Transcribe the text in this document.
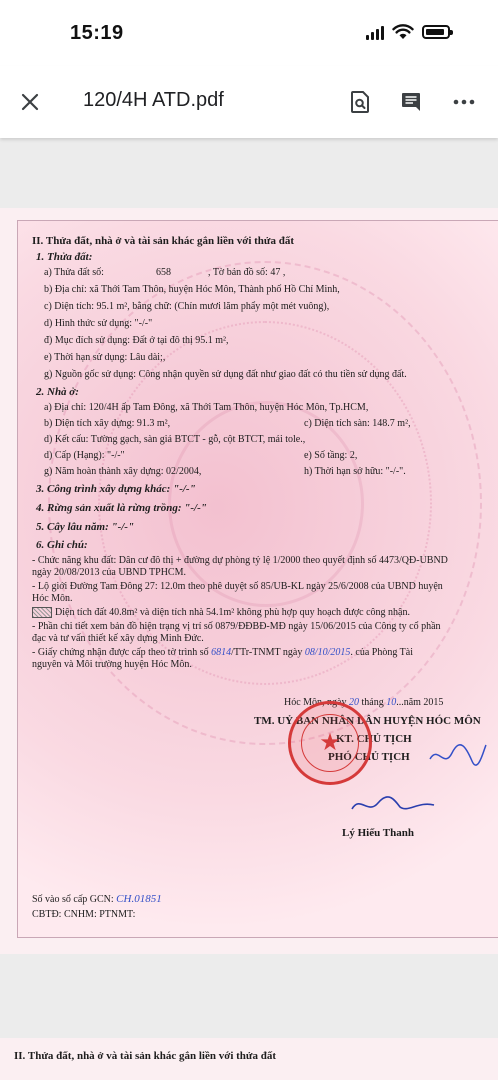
15:19
120/4H ATD.pdf
II. Thửa đất, nhà ở và tài sản khác gắn liền với thửa đất
1. Thửa đất:
a) Thửa đất số:	658	, Tờ bản đồ số: 47 ,
b) Địa chỉ: xã Thới Tam Thôn, huyện Hóc Môn, Thành phố Hồ Chí Minh,
c) Diện tích: 95.1 m², bằng chữ: (Chín mươi lăm phẩy một mét vuông),
d) Hình thức sử dụng: "-/-"
đ) Mục đích sử dụng: Đất ở tại đô thị 95.1 m²,
e) Thời hạn sử dụng: Lâu dài;,
g) Nguồn gốc sử dụng: Công nhận quyền sử dụng đất như giao đất có thu tiền sử dụng đất.
2. Nhà ở:
a) Địa chỉ: 120/4H ấp Tam Đông, xã Thới Tam Thôn, huyện Hóc Môn, Tp.HCM,
b) Diện tích xây dựng: 91.3 m²,	c) Diện tích sàn: 148.7 m²,
d) Kết cấu: Tường gạch, sàn giả BTCT - gỗ, cột BTCT, mái tole.,
d) Cấp (Hạng): "-/-"	e) Số tầng: 2,
g) Năm hoàn thành xây dựng: 02/2004,	h) Thời hạn sở hữu: "-/-".
3. Công trình xây dựng khác: "-/-"
4. Rừng sản xuất là rừng trồng: "-/-"
5. Cây lâu năm: "-/-"
6. Ghi chú:
- Chức năng khu đất: Dân cư đô thị + đường dự phòng tỷ lệ 1/2000 theo quyết định số 4473/QĐ-UBND
ngày 20/08/2013 của UBND TPHCM.
- Lộ giới Đường Tam Đông 27: 12.0m theo phê duyệt số 85/UB-KL ngày 25/6/2008 của UBND huyện
Hóc Môn.
Diện tích đất 40.8m² và diện tích nhà 54.1m² không phù hợp quy hoạch được công nhận.
- Phần chi tiết xem bản đồ hiện trạng vị trí số 0879/ĐĐBĐ-MĐ ngày 15/06/2015 của Công ty cổ phần
đạc và tư vấn thiết kế xây dựng Minh Đức.
- Giấy chứng nhận được cấp theo tờ trình số 6814/TTr-TNMT ngày 08/10/2015. của Phòng Tài
nguyên và Môi trường huyện Hóc Môn.
Hóc Môn, ngày 20 tháng 10...năm 2015
TM. UỶ BAN NHÂN DÂN HUYỆN HÓC MÔN
KT. CHỦ TỊCH
PHÓ CHỦ TỊCH
★
Lý Hiếu Thanh
Số vào sổ cấp GCN: CH.01851
CBTĐ: CNHM: PTNMT:
II. Thửa đất, nhà ở và tài sản khác gắn liền với thửa đất
